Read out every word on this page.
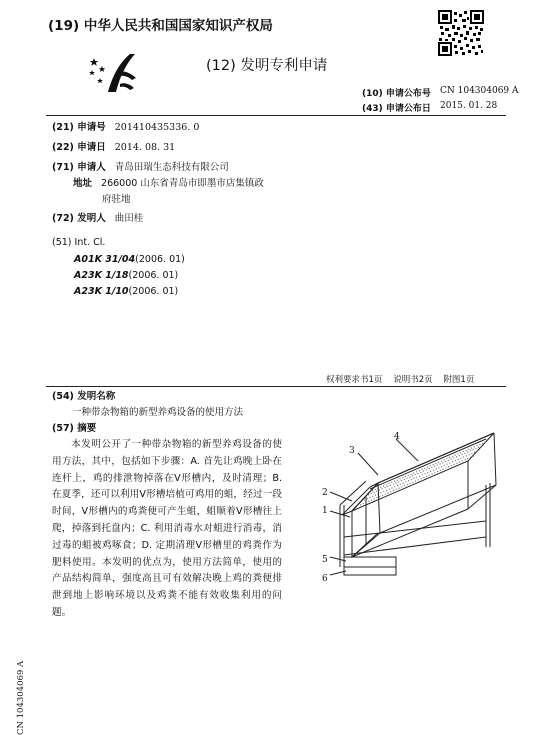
(19) 中华人民共和国国家知识产权局
(12) 发明专利申请
(10) 申请公布号 CN 104304069 A
(43) 申请公布日 2015. 01. 28
(21) 申请号 201410435336. 0
(22) 申请日 2014. 08. 31
(71) 申请人 青岛田瑞生态科技有限公司
地址 266000 山东省青岛市即墨市店集镇政
府驻地
(72) 发明人 曲田桂
(51) Int. Cl.
A01K 31/04(2006. 01)
A23K 1/18(2006. 01)
A23K 1/10(2006. 01)
权利要求书1页    说明书2页    附图1页
(54) 发明名称
一种带杂物箱的新型养鸡设备的使用方法
(57) 摘要
本发明公开了一种带杂物箱的新型养鸡设备的使用方法，其中，包括如下步骤：A. 首先让鸡晚上卧在连杆上，鸡的排泄物掉落在Ⅴ形槽内，及时清理；B. 在夏季，还可以利用Ⅴ形槽培植可鸡用的蛆，经过一段时间，Ⅴ形槽内的鸡粪便可产生蛆，蛆顺着Ⅴ形槽往上爬，掉落到托盘内；C. 利用消毒水对蛆进行消毒，消过毒的蛆被鸡啄食；D. 定期清理Ⅴ形槽里的鸡粪作为肥料使用。本发明的优点为，使用方法简单，使用的产品结构简单，强度高且可有效解决晚上鸡的粪便排泄到地上影响环境以及鸡粪不能有效收集利用的问题。
1
2
3
4
5
6
CN 104304069 A
